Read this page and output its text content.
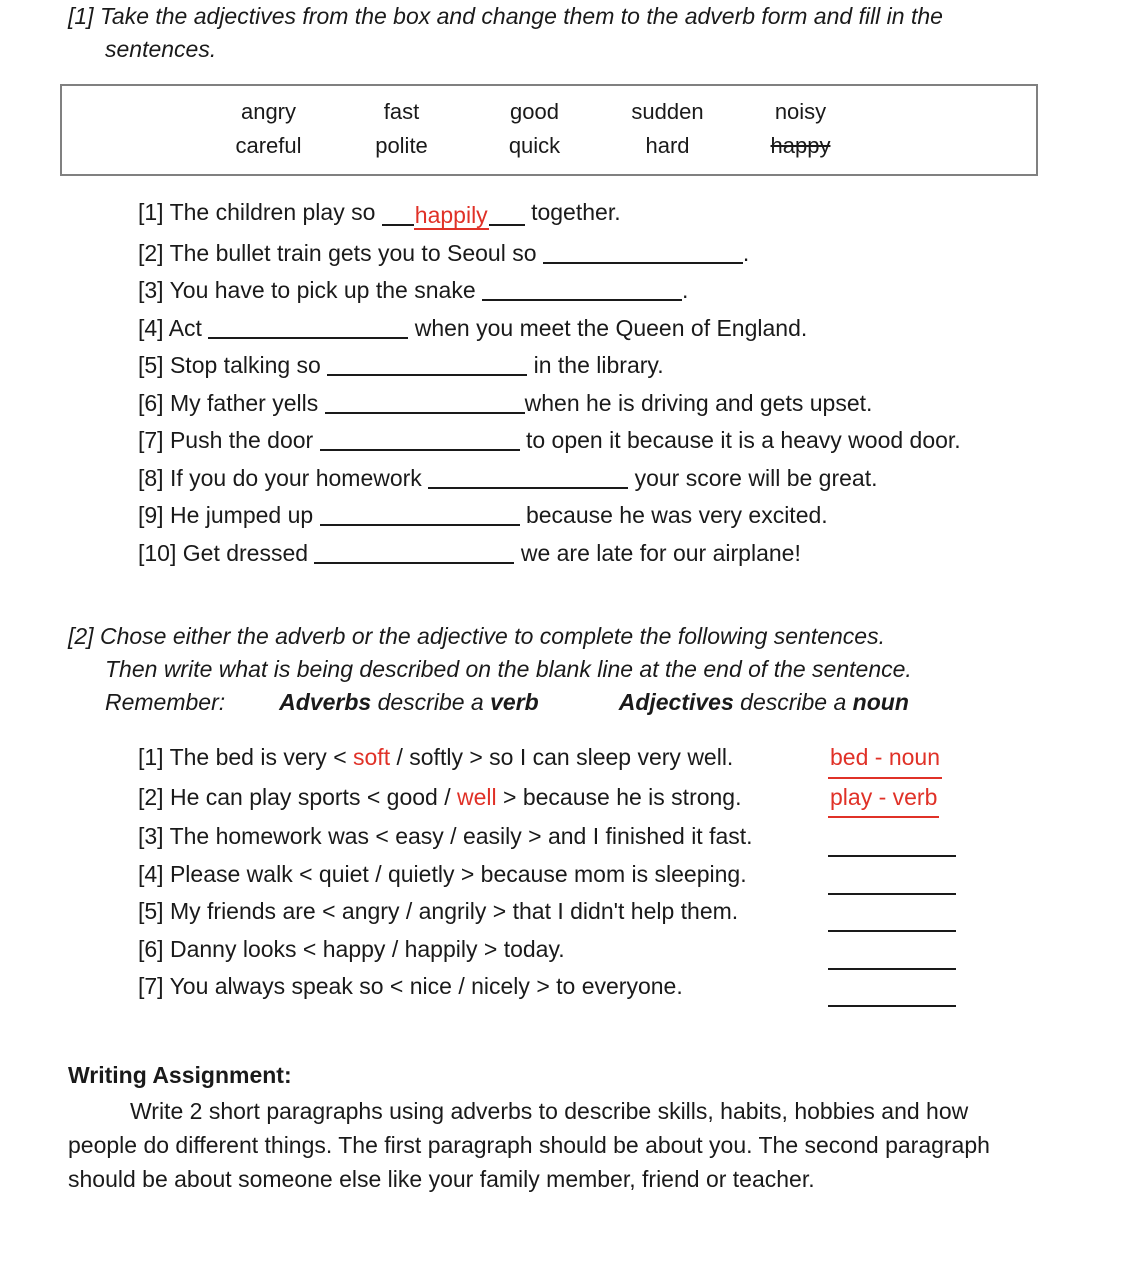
[1] Take the adjectives from the box and change them to the adverb form and fill in the
sentences.
angry	fast	good	sudden	noisy
careful	polite	quick	hard	happy
[1] The children play so happily together.
[2] The bullet train gets you to Seoul so	.
[3] You have to pick up the snake	.
[4] Act	when you meet the Queen of England.
[5] Stop talking so	in the library.
[6] My father yells	when he is driving and gets upset.
[7] Push the door	to open it because it is a heavy wood door.
[8] If you do your homework	your score will be great.
[9] He jumped up	because he was very excited.
[10] Get dressed	we are late for our airplane!
[2] Chose either the adverb or the adjective to complete the following sentences.
Then write what is being described on the blank line at the end of the sentence.
Remember: Adverbs describe a verb	Adjectives describe a noun
[1] The bed is very < soft / softly > so I can sleep very well.	bed - noun
[2] He can play sports < good / well > because he is strong.	play - verb
[3] The homework was < easy / easily > and I finished it fast.
[4] Please walk < quiet / quietly > because mom is sleeping.
[5] My friends are < angry / angrily > that I didn't help them.
[6] Danny looks < happy / happily > today.
[7] You always speak so < nice / nicely > to everyone.
Writing Assignment:
Write 2 short paragraphs using adverbs to describe skills, habits, hobbies and how people do different things. The first paragraph should be about you. The second paragraph should be about someone else like your family member, friend or teacher.
